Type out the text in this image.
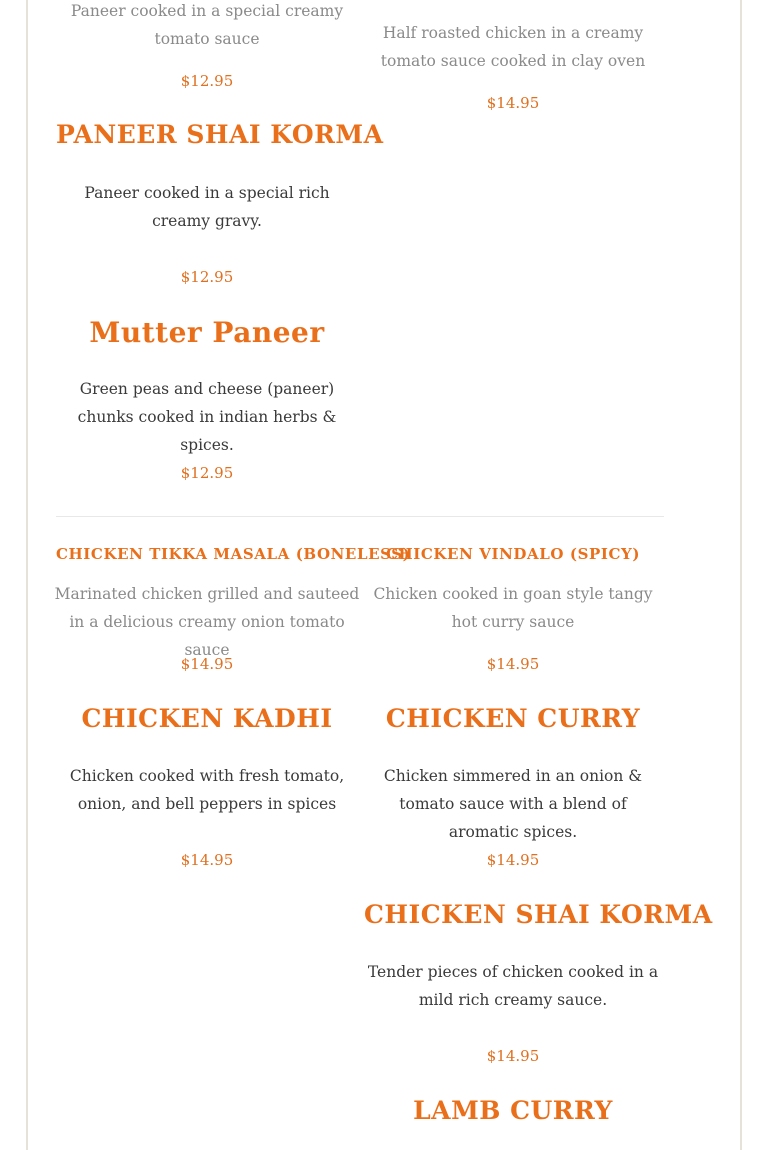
Paneer cooked in a special creamy tomato sauce

$12.95

Half roasted chicken in a creamy tomato sauce cooked in clay oven

$14.95

PANEER SHAI KORMA

Paneer cooked in a special rich creamy gravy.

$12.95

Mutter Paneer

Green peas and cheese (paneer) chunks cooked in indian herbs & spices.

$12.95

CHICKEN TIKKA MASALA (BONELESS)

Marinated chicken grilled and sauteed in a delicious creamy onion tomato sauce

$14.95

CHICKEN VINDALO (SPICY)

Chicken cooked in goan style tangy hot curry sauce

$14.95

CHICKEN KADHI

Chicken cooked with fresh tomato, onion, and bell peppers in spices

$14.95

CHICKEN CURRY

Chicken simmered in an onion & tomato sauce with a blend of aromatic spices.

$14.95

CHICKEN SHAI KORMA

Tender pieces of chicken cooked in a mild rich creamy sauce.

$14.95

LAMB CURRY
